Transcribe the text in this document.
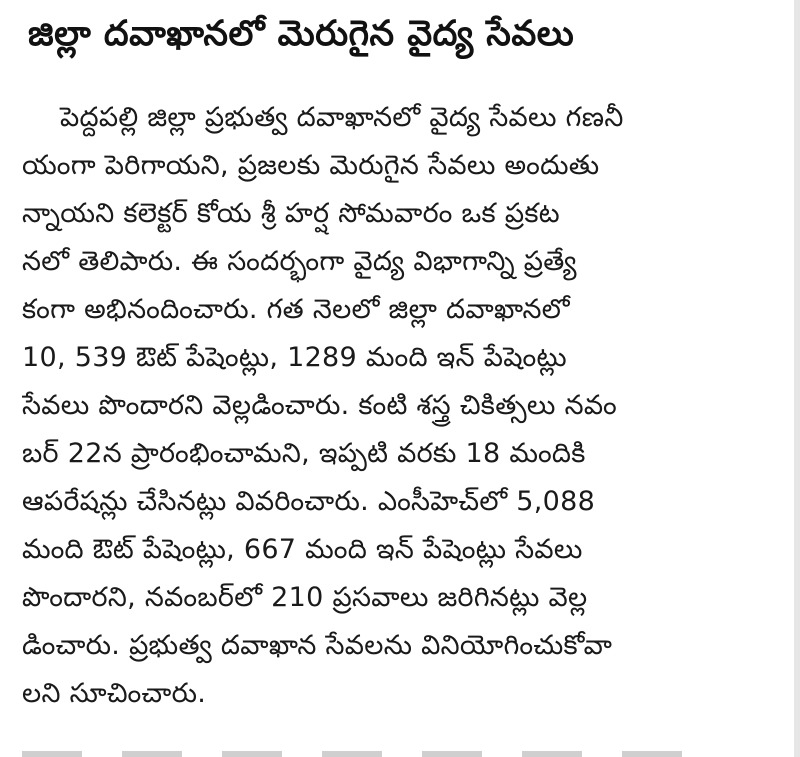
జిల్లా దవాఖానలో మెరుగైన వైద్య సేవలు
పెద్దపల్లి జిల్లా ప్రభుత్వ దవాఖానలో వైద్య సేవలు గణనీ
యంగా పెరిగాయని, ప్రజలకు మెరుగైన సేవలు అందుతు
న్నాయని కలెక్టర్ కోయ శ్రీ హర్ష సోమవారం ఒక ప్రకట
నలో తెలిపారు. ఈ సందర్భంగా వైద్య విభాగాన్ని ప్రత్యే
కంగా అభినందించారు. గత నెలలో జిల్లా దవాఖానలో
10, 539 ఔట్ పేషెంట్లు, 1289 మంది ఇన్ పేషెంట్లు
సేవలు పొందారని వెల్లడించారు. కంటి శస్త్ర చికిత్సలు నవం
బర్ 22న ప్రారంభించామని, ఇప్పటి వరకు 18 మందికి
ఆపరేషన్లు చేసినట్లు వివరించారు. ఎంసీహెచ్‌లో 5,088
మంది ఔట్ పేషెంట్లు, 667 మంది ఇన్ పేషెంట్లు సేవలు
పొందారని, నవంబర్‌లో 210 ప్రసవాలు జరిగినట్లు వెల్ల
డించారు. ప్రభుత్వ దవాఖాన సేవలను వినియోగించుకోవా
లని సూచించారు.
